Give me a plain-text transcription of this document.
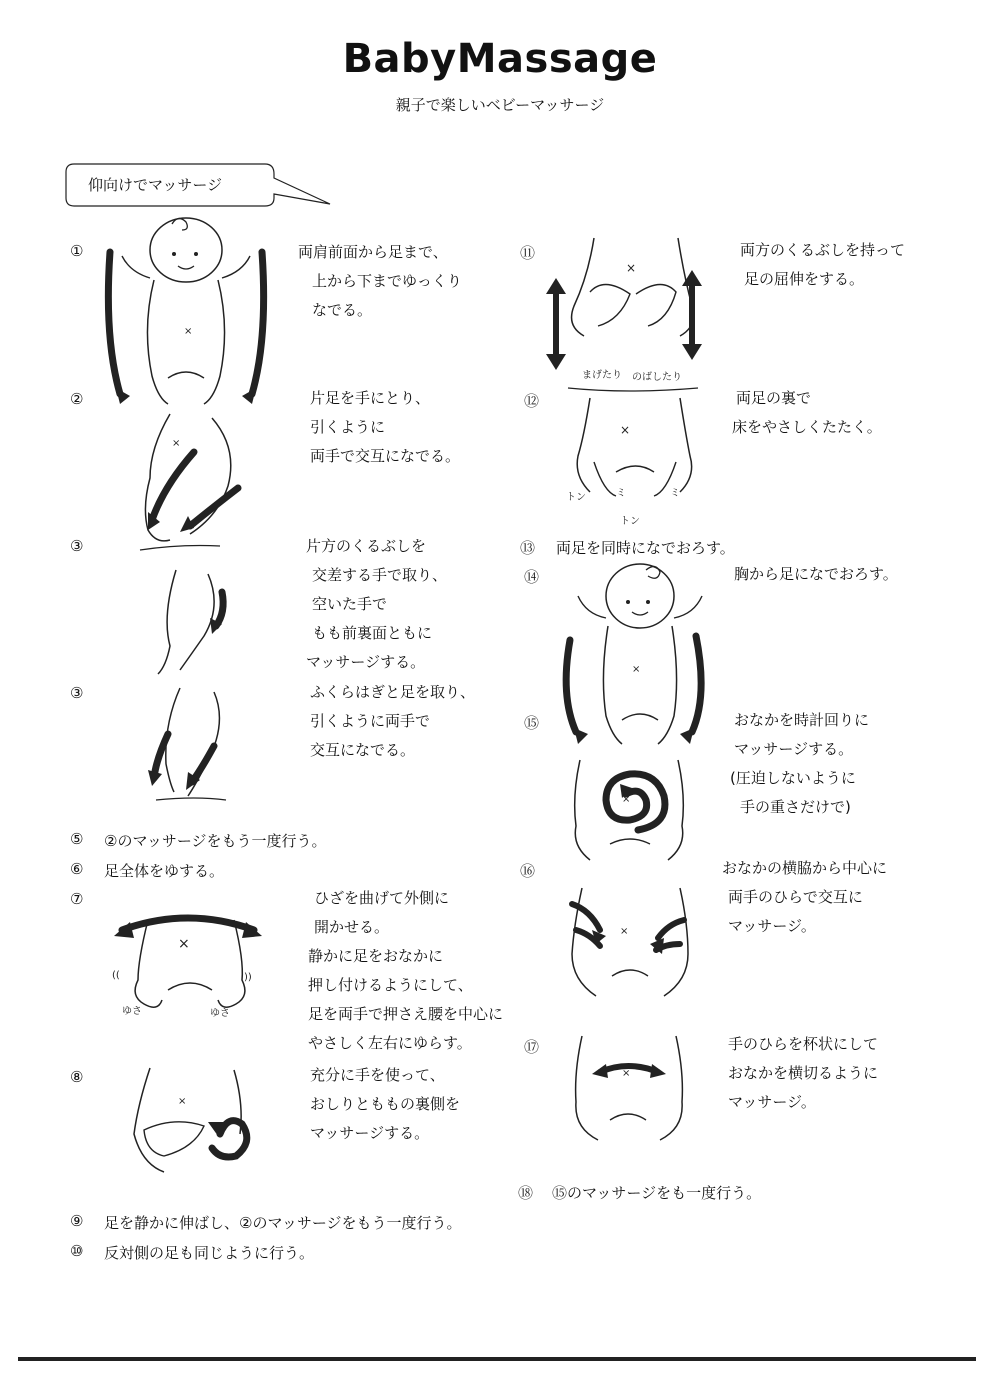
BabyMassage
親子で楽しいベビーマッサージ
仰向けでマッサージ
①	両肩前面から足まで、
上から下までゆっくり
なでる。
×
②	片足を手にとり、
引くように
両手で交互になでる。
×
③	片方のくるぶしを
交差する手で取り、
空いた手で
もも前裏面ともに
マッサージする。
③	ふくらはぎと足を取り、
引くように両手で
交互になでる。
⑤ ②のマッサージをもう一度行う。
⑥ 足全体をゆする。
⑦	ひざを曲げて外側に
開かせる。
静かに足をおなかに
押し付けるようにして、
足を両手で押さえ腰を中心に
やさしく左右にゆらす。
×
((	))
ゆさ	ゆさ
⑧	充分に手を使って、
おしりとももの裏側を
マッサージする。
×
⑨ 足を静かに伸ばし、②のマッサージをもう一度行う。
⑩ 反対側の足も同じように行う。
⑪	両方のくるぶしを持って
足の屈伸をする。
×
まげたり のばしたり
⑫	両足の裏で
床をやさしくたたく。
×
トン
トン
ミ	ミ
⑬ 両足を同時になでおろす。
⑭	胸から足になでおろす。
×
⑮	おなかを時計回りに
マッサージする。
(圧迫しないように
手の重さだけで)
×
⑯	おなかの横脇から中心に
両手のひらで交互に
マッサージ。
×
⑰	手のひらを杯状にして
おなかを横切るように
マッサージ。
×
⑱ ⑮のマッサージをも一度行う。
